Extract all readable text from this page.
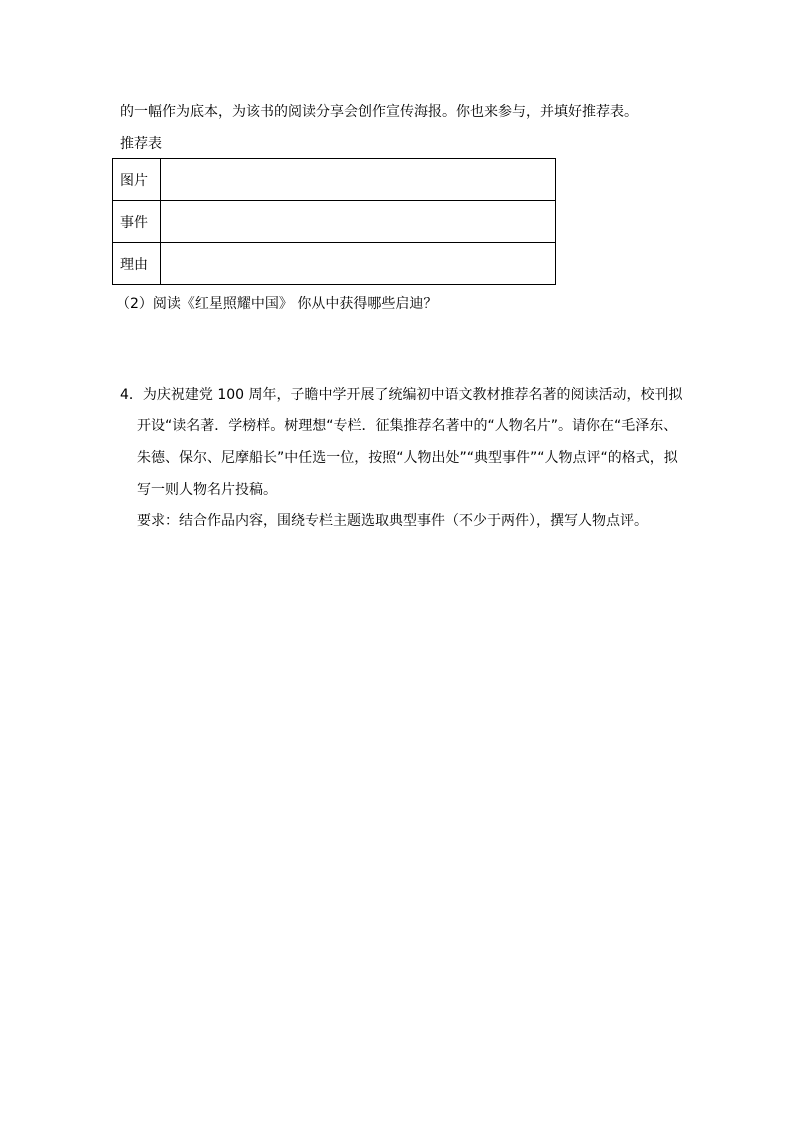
的一幅作为底本，为该书的阅读分享会创作宣传海报。你也来参与，并填好推荐表。
推荐表
图片	
事件	
理由	
（2）阅读《红星照耀中国》 你从中获得哪些启迪？
4．为庆祝建党 100 周年，子瞻中学开展了统编初中语文教材推荐名著的阅读活动，校刊拟
开设“读名著．学榜样。树理想“专栏．征集推荐名著中的“人物名片”。请你在“毛泽东、
朱德、保尔、尼摩船长”中任选一位，按照“人物出处”“典型事件”“人物点评“的格式，拟
写一则人物名片投稿。
要求：结合作品内容，围绕专栏主题选取典型事件（不少于两件），撰写人物点评。
